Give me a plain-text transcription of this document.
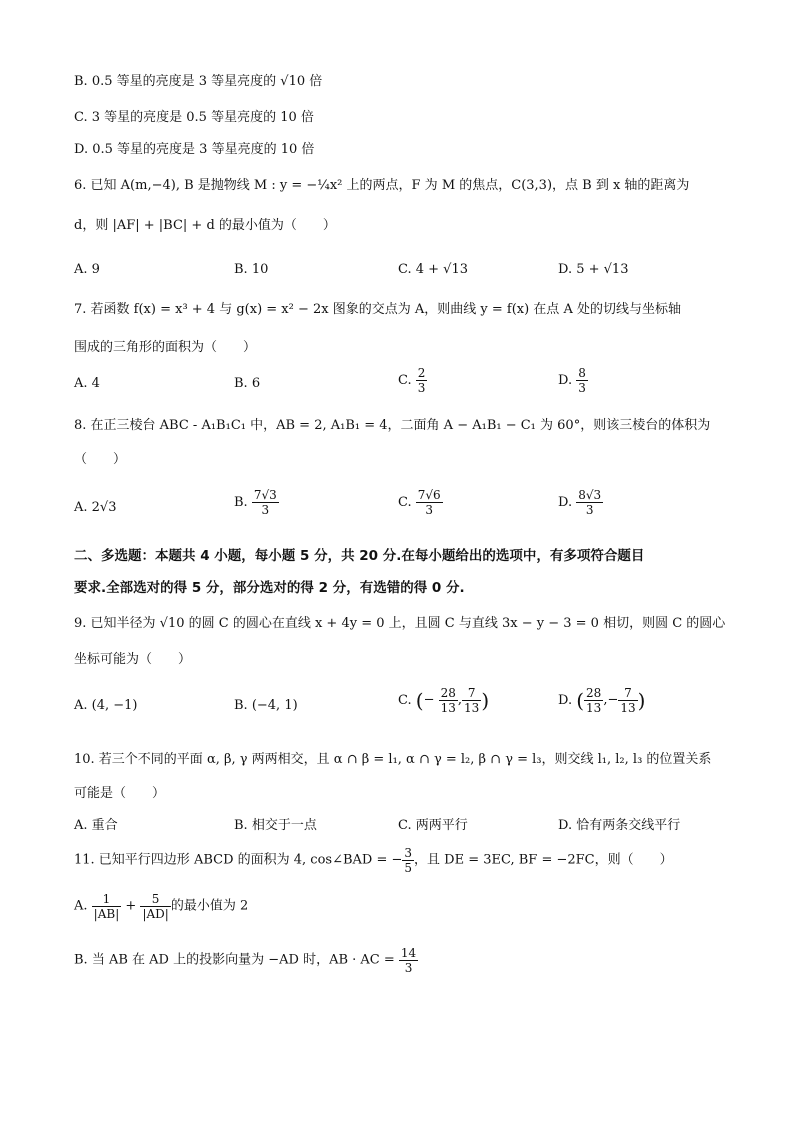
B. 0.5 等星的亮度是 3 等星亮度的 √10 倍
C. 3 等星的亮度是 0.5 等星亮度的 10 倍
D. 0.5 等星的亮度是 3 等星亮度的 10 倍
6. 已知 A(m,−4), B 是抛物线 M : y = −¼x² 上的两点，F 为 M 的焦点，C(3,3)，点 B 到 x 轴的距离为
d，则 |AF| + |BC| + d 的最小值为（　　）
A. 9	B. 10	C. 4 + √13	D. 5 + √13
7. 若函数 f(x) = x³ + 4 与 g(x) = x² − 2x 图象的交点为 A，则曲线 y = f(x) 在点 A 处的切线与坐标轴
围成的三角形的面积为（　　）
A. 4	B. 6	C. $\frac{2}{3}$	D. $\frac{8}{3}$
8. 在正三棱台 ABC - A₁B₁C₁ 中，AB = 2, A₁B₁ = 4，二面角 A − A₁B₁ − C₁ 为 60°，则该三棱台的体积为
（　　）
A. 2√3	B. $\frac{7√3}{3}$	C. $\frac{7√6}{3}$	D. $\frac{8√3}{3}$
二、多选题：本题共 4 小题，每小题 5 分，共 20 分.在每小题给出的选项中，有多项符合题目
要求.全部选对的得 5 分，部分选对的得 2 分，有选错的得 0 分.
9. 已知半径为 √10 的圆 C 的圆心在直线 x + 4y = 0 上，且圆 C 与直线 3x − y − 3 = 0 相切，则圆 C 的圆心
坐标可能为（　　）
A. (4, −1)	B. (−4, 1)	C. (− $\frac{28}{13}$ , $\frac{7}{13}$ )	D. ( $\frac{28}{13}$ ,− $\frac{7}{13}$ )
10. 若三个不同的平面 α, β, γ 两两相交，且 α ∩ β = l₁, α ∩ γ = l₂, β ∩ γ = l₃，则交线 l₁, l₂, l₃ 的位置关系
可能是（　　）
A. 重合	B. 相交于一点	C. 两两平行	D. 恰有两条交线平行
11. 已知平行四边形 ABCD 的面积为 4, cos∠BAD = − $\frac{3}{5}$ ，且 DE = 3EC, BF = −2FC，则（　　）
A. $\frac{1}{|AB|} + \frac{5}{|AD|}$ 的最小值为 2
B. 当 AB 在 AD 上的投影向量为 −AD 时，AB · AC = $\frac{14}{3}$
